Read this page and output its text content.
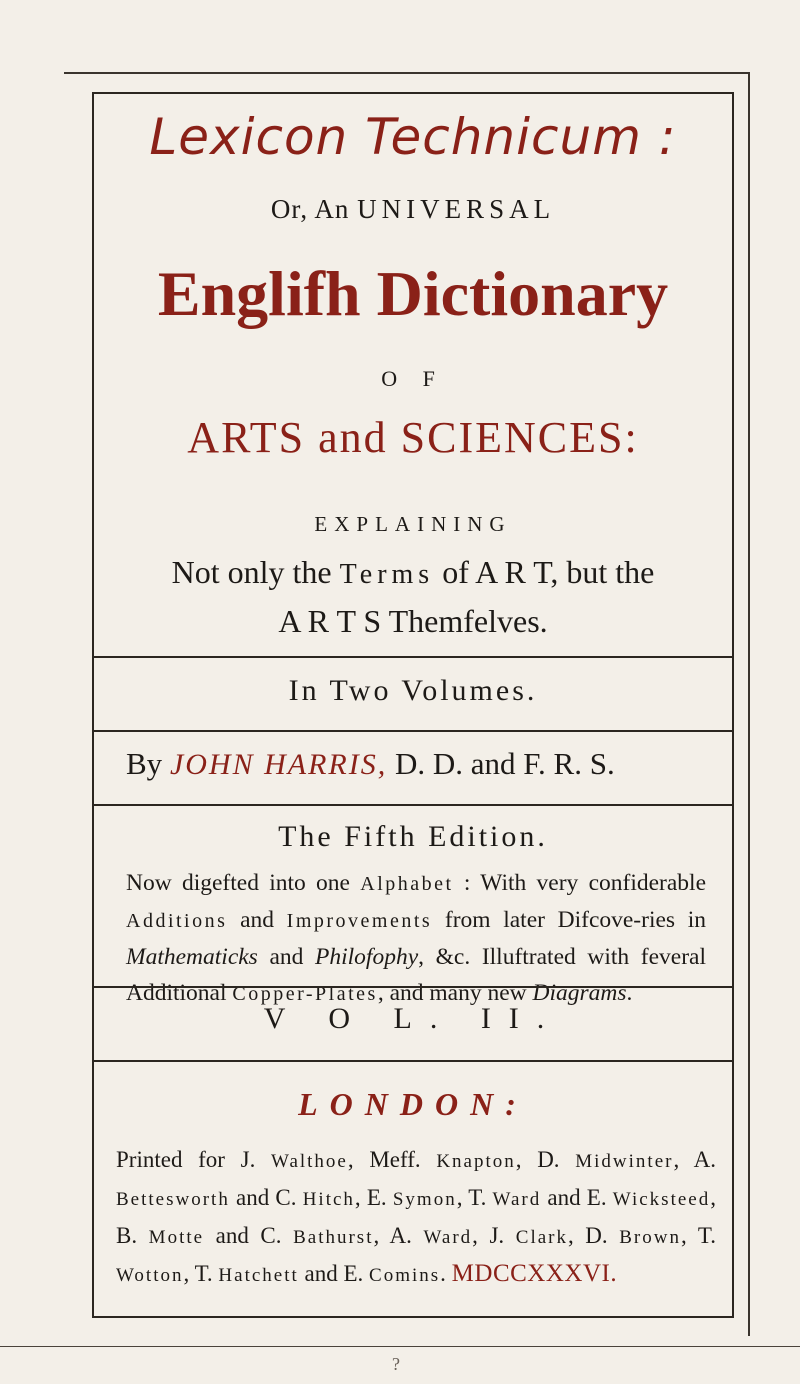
Lexicon Technicum :
Or, An UNIVERSAL
Englifh Dictionary
O F
ARTS and SCIENCES:
EXPLAINING
Not only the Terms of A R T, but the
A R T S Themfelves.
In Two Volumes.
By JOHN HARRIS, D. D. and F. R. S.
The Fifth Edition.
Now digefted into one Alphabet : With very confiderable Additions and Improvements from later Difcove-ries in Mathematicks and Philofophy, &c. Illuftrated with feveral Additional Copper-Plates, and many new Diagrams.
V O L. II.
LONDON:
Printed for J. Walthoe, Meff. Knapton, D. Midwinter, A. Bettesworth and C. Hitch, E. Symon, T. Ward and E. Wicksteed, B. Motte and C. Bathurst, A. Ward, J. Clark, D. Brown, T. Wotton, T. Hatchett and E. Comins. MDCCXXXVI.
?
